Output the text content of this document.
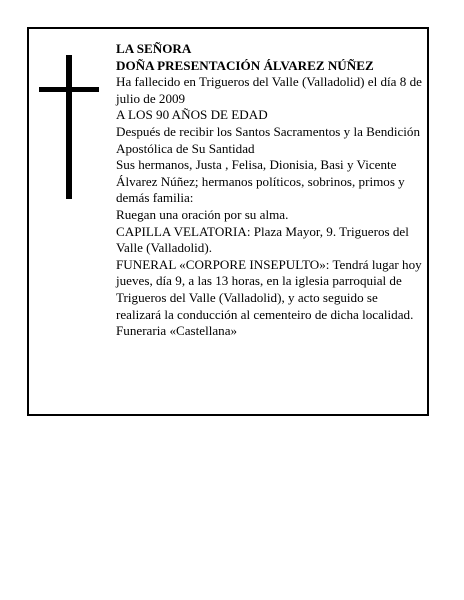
LA SEÑORA

DOÑA PRESENTACIÓN ÁLVAREZ NÚÑEZ

Ha fallecido en Trigueros del Valle (Valladolid) el día 8 de julio de 2009

A LOS 90 AÑOS DE EDAD

Después de recibir los Santos Sacramentos y la Bendición Apostólica de Su Santidad

Sus hermanos, Justa , Felisa, Dionisia, Basi y Vicente Álvarez Núñez; hermanos políticos, sobrinos, primos y demás familia:

Ruegan una oración por su alma.

CAPILLA VELATORIA: Plaza Mayor, 9. Trigueros del Valle (Valladolid).

FUNERAL «CORPORE INSEPULTO»: Tendrá lugar hoy jueves, día 9, a las 13 horas, en la iglesia parroquial de Trigueros del Valle (Valladolid), y acto seguido se realizará la conducción al cementeiro de dicha localidad.

Funeraria «Castellana»
